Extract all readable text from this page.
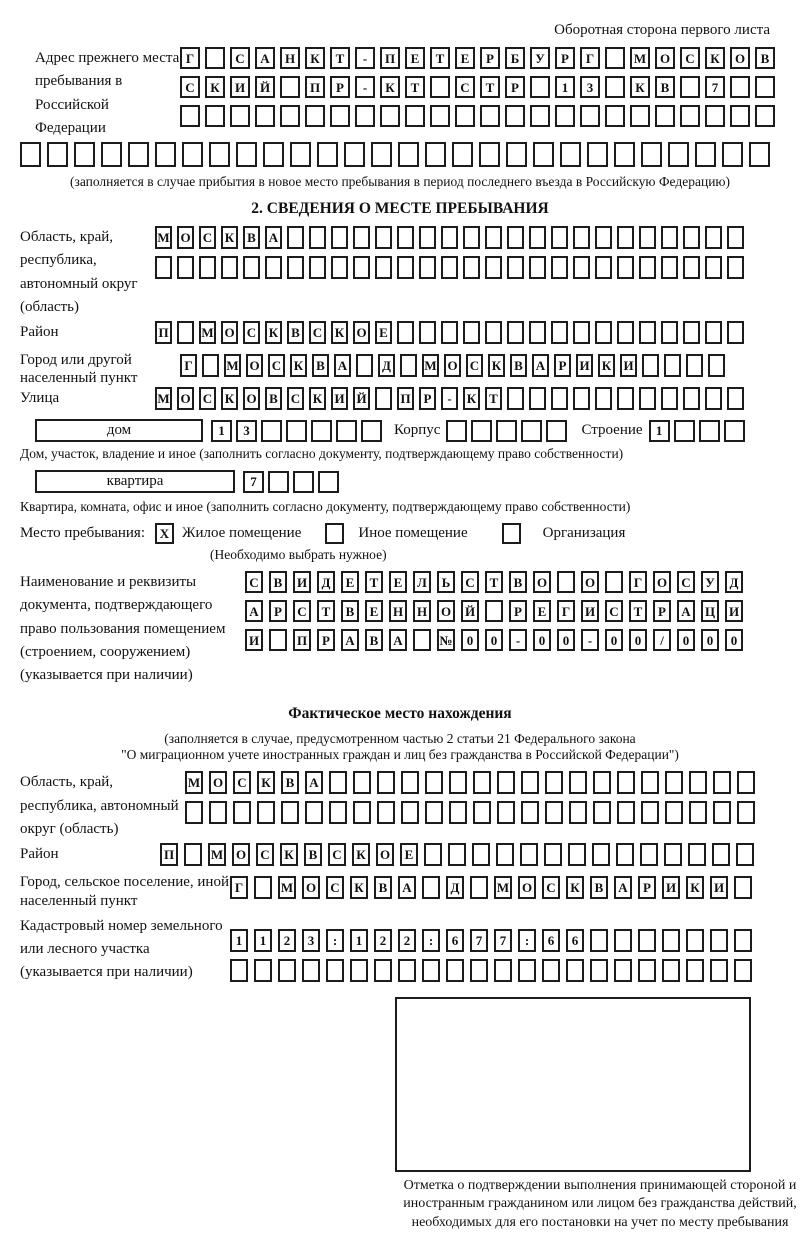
Оборотная сторона первого листа
Адрес прежнего места пребывания в Российской Федерации
Г	С	А	Н	К	Т	-	П	Е	Т	Е	Р	Б	У	Р	Г	М	О	С	К	О	В
С	К	И	Й	П	Р	-	К	Т	С	Т	Р	1	3	К	В	7
(заполняется в случае прибытия в новое место пребывания в период последнего въезда в Российскую Федерацию)
2. СВЕДЕНИЯ О МЕСТЕ ПРЕБЫВАНИЯ
Область, край, республика, автономный округ (область)
М О С К В А
Район	П	М О С К В С К О Е
Город или другой населенный пункт
Г	М О С К В А	Д	М О С К В А	Р И К И
Улица	М О С К О В С К И Й	П Р	-	К Т
дом	1	3	Корпус	Строение	1
Дом, участок, владение и иное (заполнить согласно документу, подтверждающему право собственности)
квартира	7
Квартира, комната, офис и иное (заполнить согласно документу, подтверждающему право собственности)
Место пребывания:	X Жилое помещение	Иное помещение	Организация
(Необходимо выбрать нужное)
Наименование и реквизиты документа, подтверждающего право пользования помещением (строением, сооружением) (указывается при наличии)
С	В	И	Д	Е	Т	Е	Л	Ь	С	Т	В	О	О	Г	О	С	У	Д
А	Р	С	Т	В	Е	Н	Н	О	Й	Р	Е	Г	И	С	Т	Р	А	Ц	И
И	П	Р	А	В	А	№	0	0	-	0	0	-	0	0	/	0	0	0
Фактическое место нахождения
(заполняется в случае, предусмотренном частью 2 статьи 21 Федерального закона
"О миграционном учете иностранных граждан и лиц без гражданства в Российской Федерации")
Область, край, республика, автономный округ (область)
М О	С	К	В	А
Район	П	М О	С	К	В	С	К	О	Е
Город, сельское поселение, иной населенный пункт
Г	М О	С	К	В	А	Д	М О	С	К	В	А	Р	И	К	И
Кадастровый номер земельного или лесного участка (указывается при наличии)
1	1	2	3	:	1	2	2	:	6	7	7	:	6	6
Отметка о подтверждении выполнения принимающей стороной и иностранным гражданином или лицом без гражданства действий, необходимых для его постановки на учет по месту пребывания
